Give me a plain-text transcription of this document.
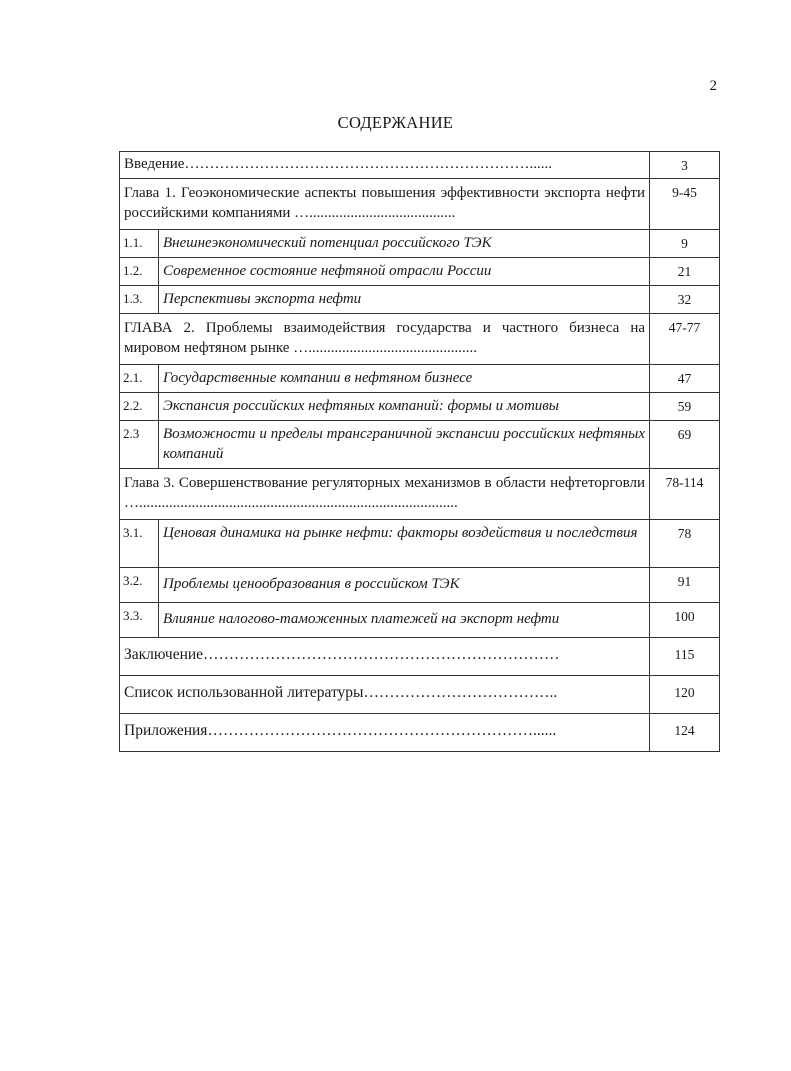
2
СОДЕРЖАНИЕ
Введение……………………………………………………………......		3
Глава 1. Геоэкономические аспекты повышения эффективности экспорта нефти российскими компаниями ….......................................		9-45
1.1.	Внешнеэкономический потенциал российского ТЭК	9
1.2.	Современное состояние нефтяной отрасли России	21
1.3.	Перспективы экспорта нефти	32
ГЛАВА 2. Проблемы взаимодействия государства и частного бизнеса на мировом нефтяном рынке ….............................................		47-77
2.1.	Государственные компании в нефтяном бизнесе	47
2.2.	Экспансия российских нефтяных компаний: формы и мотивы	59
2.3	Возможности и пределы трансграничной экспансии российских нефтяных компаний	69
Глава 3. Совершенствование регуляторных механизмов в области нефтеторговли ….....................................................................................		78-114
3.1.	Ценовая динамика на рынке нефти: факторы воздействия и последствия	78
3.2.	Проблемы ценообразования в российском ТЭК	91
3.3.	Влияние налогово-таможенных платежей на экспорт нефти	100
Заключение……………………………………………………………		115
Список использованной литературы………………………………..		120
Приложения………………………………………………………......		124
